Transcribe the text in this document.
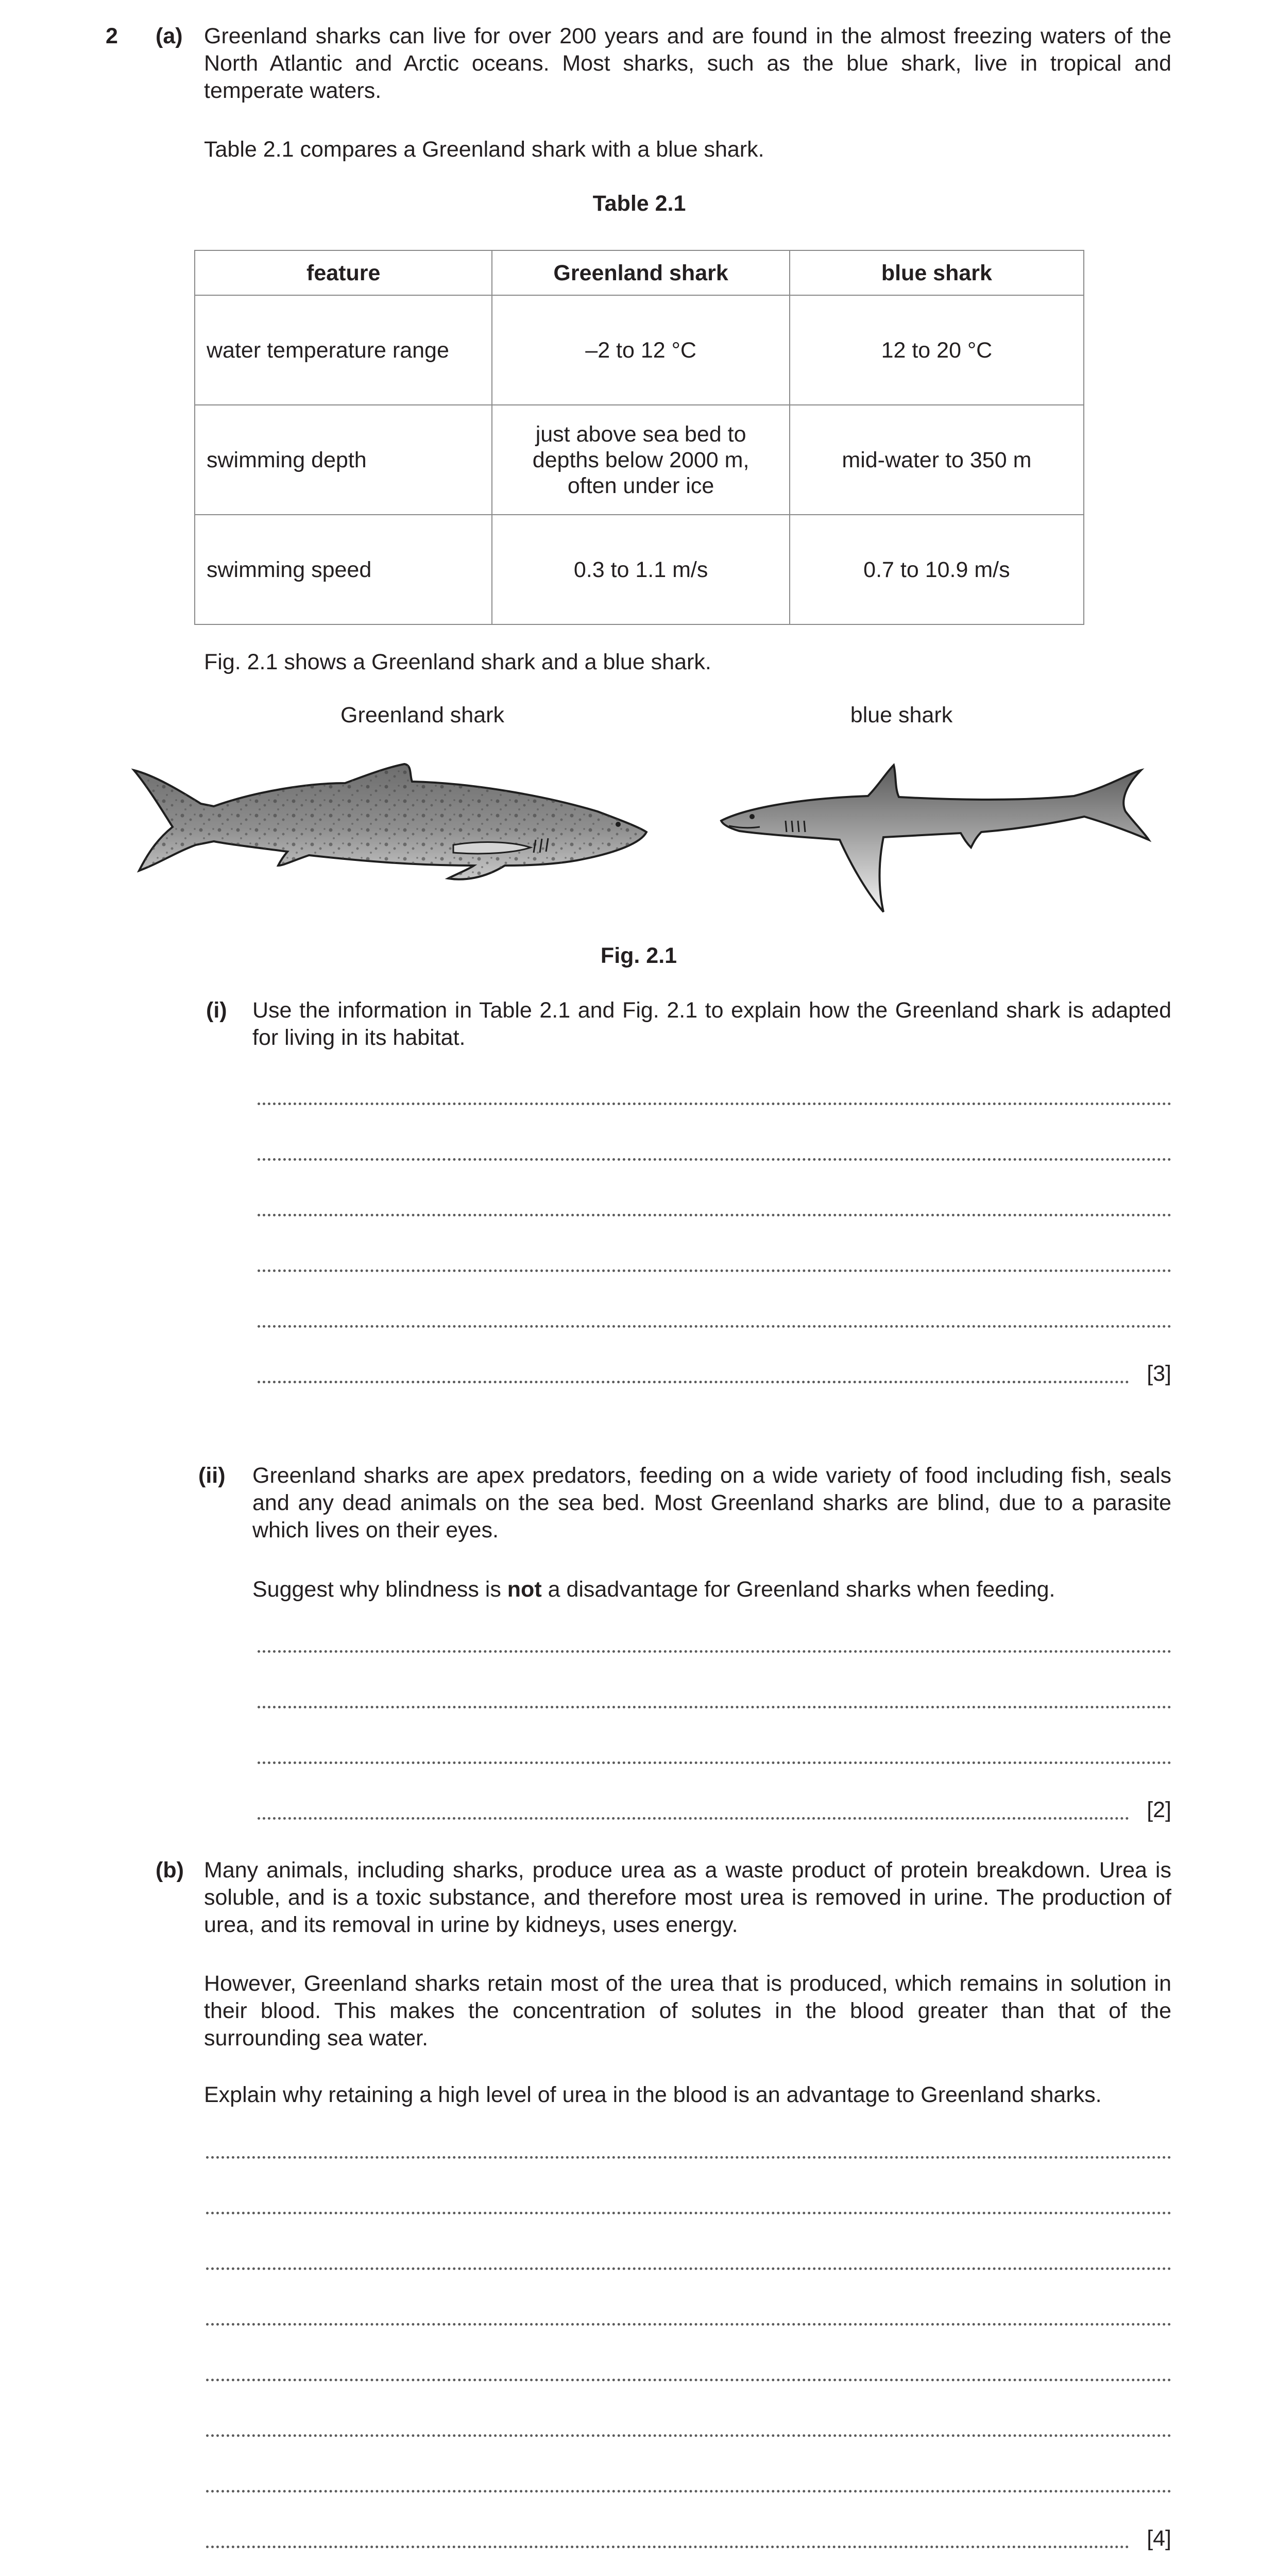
2 (a) Greenland sharks can live for over 200 years and are found in the almost freezing waters of the North Atlantic and Arctic oceans. Most sharks, such as the blue shark, live in tropical and temperate waters.
Table 2.1 compares a Greenland shark with a blue shark.
Table 2.1
feature	Greenland shark	blue shark
water temperature range	–2 to 12 °C	12 to 20 °C
swimming depth	just above sea bed to depths below 2000 m, often under ice	mid-water to 350 m
swimming speed	0.3 to 1.1 m/s	0.7 to 10.9 m/s
Fig. 2.1 shows a Greenland shark and a blue shark.
Greenland shark	blue shark
Fig. 2.1
(i) Use the information in Table 2.1 and Fig. 2.1 to explain how the Greenland shark is adapted for living in its habitat.
[3]
(ii) Greenland sharks are apex predators, feeding on a wide variety of food including fish, seals and any dead animals on the sea bed. Most Greenland sharks are blind, due to a parasite which lives on their eyes.
Suggest why blindness is not a disadvantage for Greenland sharks when feeding.
[2]
(b) Many animals, including sharks, produce urea as a waste product of protein breakdown. Urea is soluble, and is a toxic substance, and therefore most urea is removed in urine. The production of urea, and its removal in urine by kidneys, uses energy.
However, Greenland sharks retain most of the urea that is produced, which remains in solution in their blood. This makes the concentration of solutes in the blood greater than that of the surrounding sea water.
Explain why retaining a high level of urea in the blood is an advantage to Greenland sharks.
[4]
